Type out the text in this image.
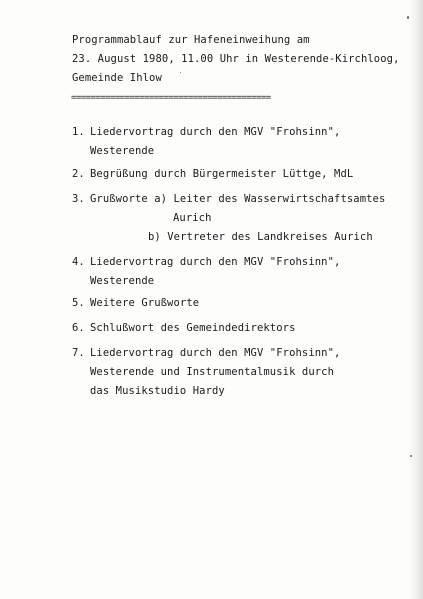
Programmablauf zur Hafeneinweihung am
23. August 1980, 11.00 Uhr in Westerende-Kirchloog,
Gemeinde Ihlow
=========================================
1. Liedervortrag durch den MGV "Frohsinn",
Westerende
2. Begrüßung durch Bürgermeister Lüttge, MdL
3. Grußworte a) Leiter des Wasserwirtschaftsamtes
Aurich
b) Vertreter des Landkreises Aurich
4. Liedervortrag durch den MGV "Frohsinn",
Westerende
5. Weitere Grußworte
6. Schlußwort des Gemeindedirektors
7. Liedervortrag durch den MGV "Frohsinn",
Westerende und Instrumentalmusik durch
das Musikstudio Hardy
